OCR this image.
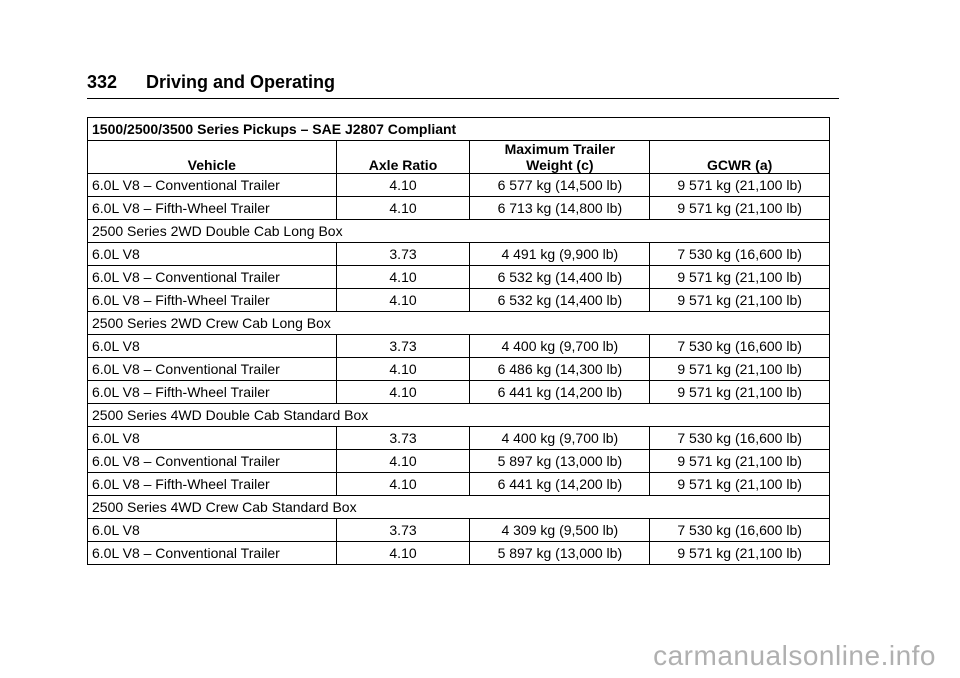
332 Driving and Operating
1500/2500/3500 Series Pickups – SAE J2807 Compliant			
Vehicle	Axle Ratio	Maximum Trailer Weight (c)	GCWR (a)
6.0L V8 – Conventional Trailer	4.10	6 577 kg (14,500 lb)	9 571 kg (21,100 lb)
6.0L V8 – Fifth-Wheel Trailer	4.10	6 713 kg (14,800 lb)	9 571 kg (21,100 lb)
2500 Series 2WD Double Cab Long Box			
6.0L V8	3.73	4 491 kg (9,900 lb)	7 530 kg (16,600 lb)
6.0L V8 – Conventional Trailer	4.10	6 532 kg (14,400 lb)	9 571 kg (21,100 lb)
6.0L V8 – Fifth-Wheel Trailer	4.10	6 532 kg (14,400 lb)	9 571 kg (21,100 lb)
2500 Series 2WD Crew Cab Long Box			
6.0L V8	3.73	4 400 kg (9,700 lb)	7 530 kg (16,600 lb)
6.0L V8 – Conventional Trailer	4.10	6 486 kg (14,300 lb)	9 571 kg (21,100 lb)
6.0L V8 – Fifth-Wheel Trailer	4.10	6 441 kg (14,200 lb)	9 571 kg (21,100 lb)
2500 Series 4WD Double Cab Standard Box			
6.0L V8	3.73	4 400 kg (9,700 lb)	7 530 kg (16,600 lb)
6.0L V8 – Conventional Trailer	4.10	5 897 kg (13,000 lb)	9 571 kg (21,100 lb)
6.0L V8 – Fifth-Wheel Trailer	4.10	6 441 kg (14,200 lb)	9 571 kg (21,100 lb)
2500 Series 4WD Crew Cab Standard Box			
6.0L V8	3.73	4 309 kg (9,500 lb)	7 530 kg (16,600 lb)
6.0L V8 – Conventional Trailer	4.10	5 897 kg (13,000 lb)	9 571 kg (21,100 lb)
carmanualsonline.info
